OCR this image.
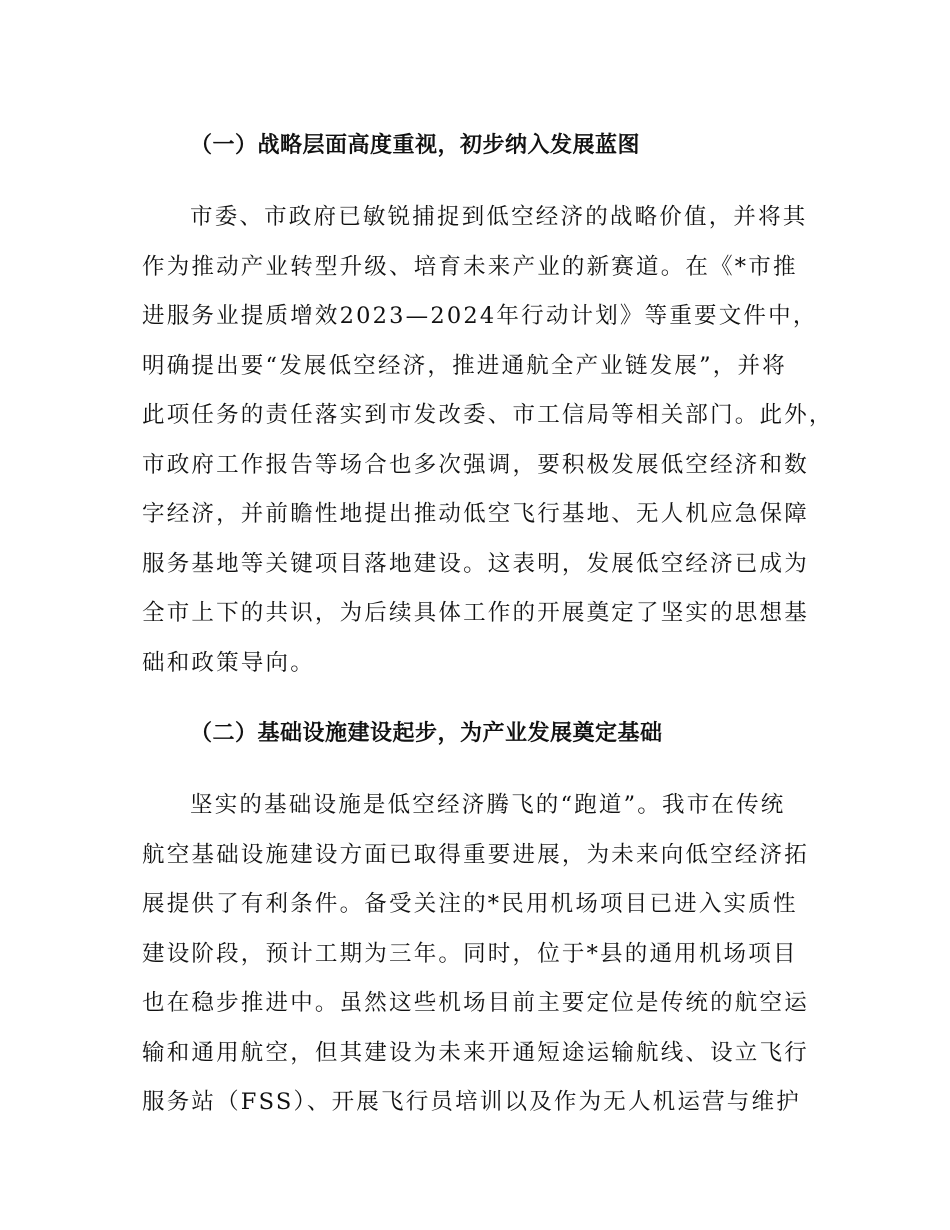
（一）战略层面高度重视，初步纳入发展蓝图
市委、市政府已敏锐捕捉到低空经济的战略价值，并将其
作为推动产业转型升级、培育未来产业的新赛道。在《*市推
进服务业提质增效2023—2024年行动计划》等重要文件中，
明确提出要“发展低空经济，推进通航全产业链发展”，并将
此项任务的责任落实到市发改委、市工信局等相关部门。此外，
市政府工作报告等场合也多次强调，要积极发展低空经济和数
字经济，并前瞻性地提出推动低空飞行基地、无人机应急保障
服务基地等关键项目落地建设。这表明，发展低空经济已成为
全市上下的共识，为后续具体工作的开展奠定了坚实的思想基
础和政策导向。
（二）基础设施建设起步，为产业发展奠定基础
坚实的基础设施是低空经济腾飞的“跑道”。我市在传统
航空基础设施建设方面已取得重要进展，为未来向低空经济拓
展提供了有利条件。备受关注的*民用机场项目已进入实质性
建设阶段，预计工期为三年。同时，位于*县的通用机场项目
也在稳步推进中。虽然这些机场目前主要定位是传统的航空运
输和通用航空，但其建设为未来开通短途运输航线、设立飞行
服务站（FSS）、开展飞行员培训以及作为无人机运营与维护
